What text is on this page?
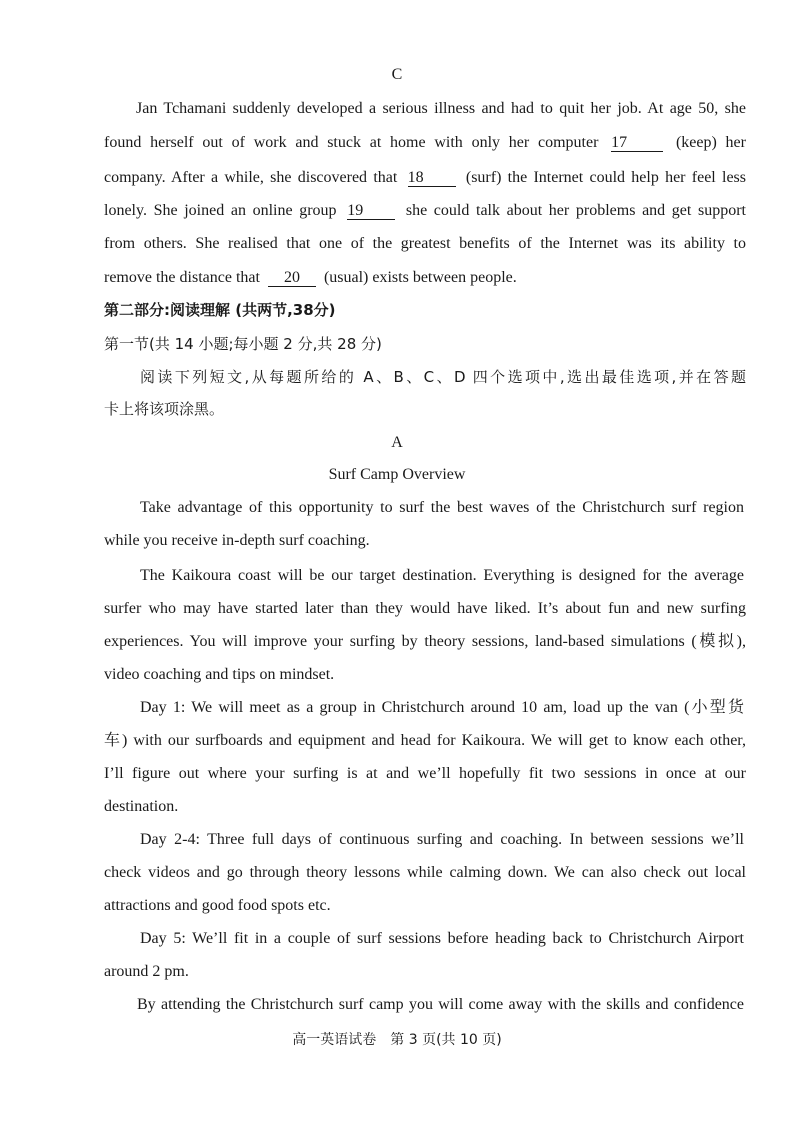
C
Jan Tchamani suddenly developed a serious illness and had to quit her job. At age 50, she
found herself out of work and stuck at home with only her computer 17	(keep) her
company. After a while, she discovered that 18	(surf) the Internet could help her feel less
lonely. She joined an online group 19	she could talk about her problems and get support
from others. She realised that one of the greatest benefits of the Internet was its ability to
remove the distance that 20 (usual) exists between people.
第二部分:阅读理解 (共两节,38分)
第一节(共 14 小题;每小题 2 分,共 28 分)
阅读下列短文,从每题所给的 A、B、C、D 四个选项中,选出最佳选项,并在答题
卡上将该项涂黑。
A
Surf Camp Overview
Take advantage of this opportunity to surf the best waves of the Christchurch surf region
while you receive in-depth surf coaching.
The Kaikoura coast will be our target destination. Everything is designed for the average
surfer who may have started later than they would have liked. It’s about fun and new surfing
experiences. You will improve your surfing by theory sessions, land-based simulations (模拟),
video coaching and tips on mindset.
Day 1: We will meet as a group in Christchurch around 10 am, load up the van (小型货
车) with our surfboards and equipment and head for Kaikoura. We will get to know each other,
I’ll figure out where your surfing is at and we’ll hopefully fit two sessions in once at our
destination.
Day 2-4: Three full days of continuous surfing and coaching. In between sessions we’ll
check videos and go through theory lessons while calming down. We can also check out local
attractions and good food spots etc.
Day 5: We’ll fit in a couple of surf sessions before heading back to Christchurch Airport
around 2 pm.
By attending the Christchurch surf camp you will come away with the skills and confidence
高一英语试卷　第 3 页(共 10 页)
